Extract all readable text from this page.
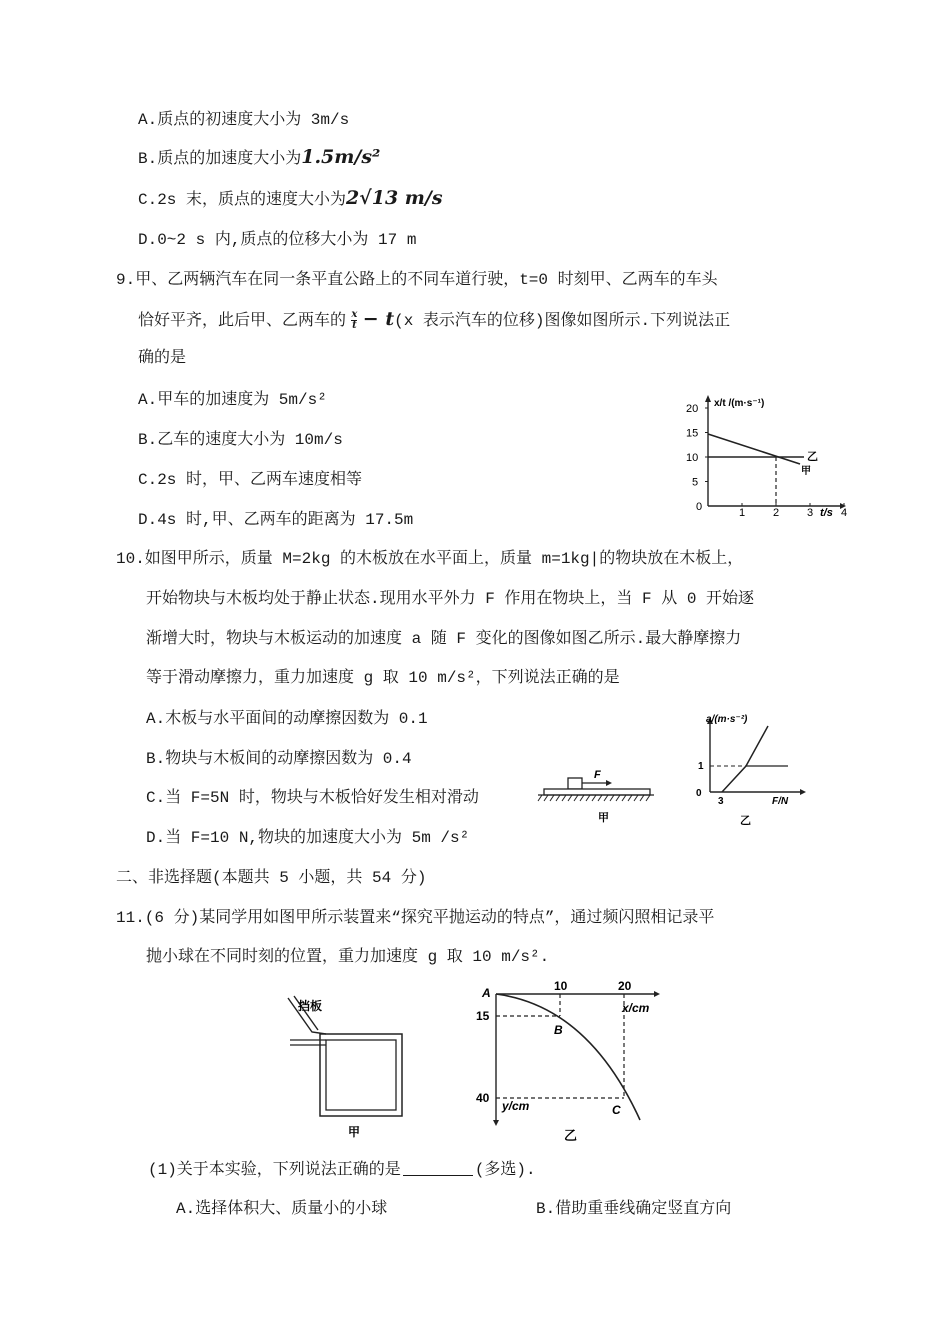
A.质点的初速度大小为 3m/s
B.质点的加速度大小为1.5m/s²
C.2s 末，质点的速度大小为2√13 m/s
D.0~2 s 内,质点的位移大小为 17 m
9.甲、乙两辆汽车在同一条平直公路上的不同车道行驶，t=0 时刻甲、乙两车的车头
恰好平齐，此后甲、乙两车的 $\frac{x}{t} - t(x$ 表示汽车的位移)图像如图所示.下列说法正
确的是
A.甲车的加速度为 5m/s²
B.乙车的速度大小为 10m/s
C.2s 时，甲、乙两车速度相等
D.4s 时,甲、乙两车的距离为 17.5m
x/t /(m·s⁻¹)
t/s
0
5
10
15
20
1	2	3	4
乙
甲
10.如图甲所示，质量 M=2kg 的木板放在水平面上，质量 m=1kg|的物块放在木板上，
开始物块与木板均处于静止状态.现用水平外力 F 作用在物块上，当 F 从 0 开始逐
渐增大时，物块与木板运动的加速度 a 随 F 变化的图像如图乙所示.最大静摩擦力
等于滑动摩擦力，重力加速度 g 取 10 m/s²，下列说法正确的是
A.木板与水平面间的动摩擦因数为 0.1
B.物块与木板间的动摩擦因数为 0.4
C.当 F=5N 时，物块与木板恰好发生相对滑动
D.当 F=10 N,物块的加速度大小为 5m /s²
F
甲
a/(m·s⁻²)
F/N
0
1
3
乙
二、非选择题(本题共 5 小题，共 54 分)
11.(6 分)某同学用如图甲所示装置来“探究平抛运动的特点”，通过频闪照相记录平
抛小球在不同时刻的位置，重力加速度 g 取 10 m/s².
挡板
甲
A	10	20
x/cm
15
40
y/cm
B
C
乙
(1)关于本实验，下列说法正确的是	(多选).
A.选择体积大、质量小的小球	B.借助重垂线确定竖直方向
